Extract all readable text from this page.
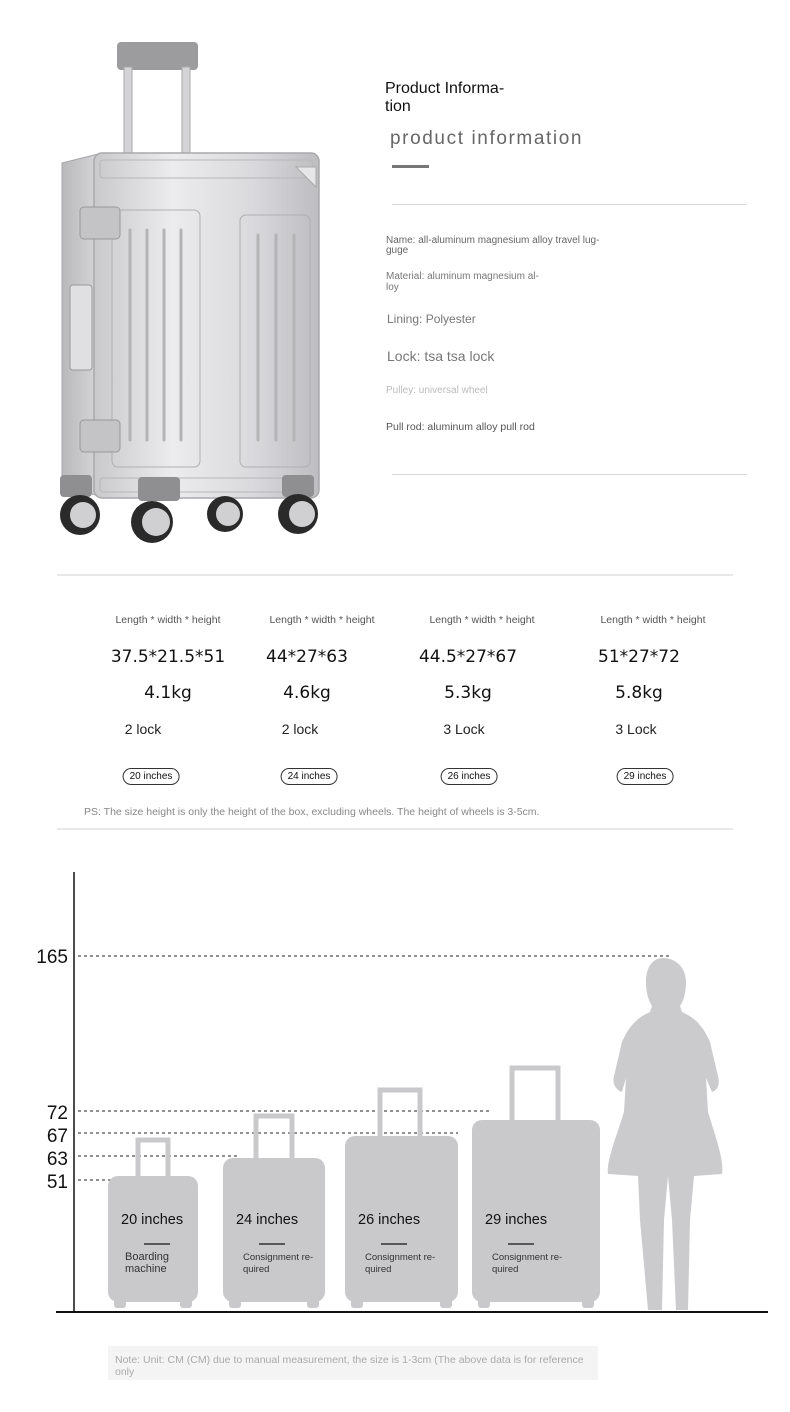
Product Informa-
tion
product information
Name: all-aluminum magnesium alloy travel lug-
guge
Material: aluminum magnesium al-
loy
Lining: Polyester
Lock: tsa tsa lock
Pulley: universal wheel
Pull rod: aluminum alloy pull rod
Length * width * height
37.5*21.5*51
4.1kg
2 lock
20 inches
Length * width * height
44*27*63
4.6kg
2 lock
24 inches
Length * width * height
44.5*27*67
5.3kg
3 Lock
26 inches
Length * width * height
51*27*72
5.8kg
3 Lock
29 inches
PS: The size height is only the height of the box, excluding wheels. The height of wheels is 3-5cm.
165
72
67
63
51
20 inches
Boarding
machine
24 inches
Consignment re-
quired
26 inches
Consignment re-
quired
29 inches
Consignment re-
quired
Note: Unit: CM (CM) due to manual measurement, the size is 1-3cm (The above data is for reference only
